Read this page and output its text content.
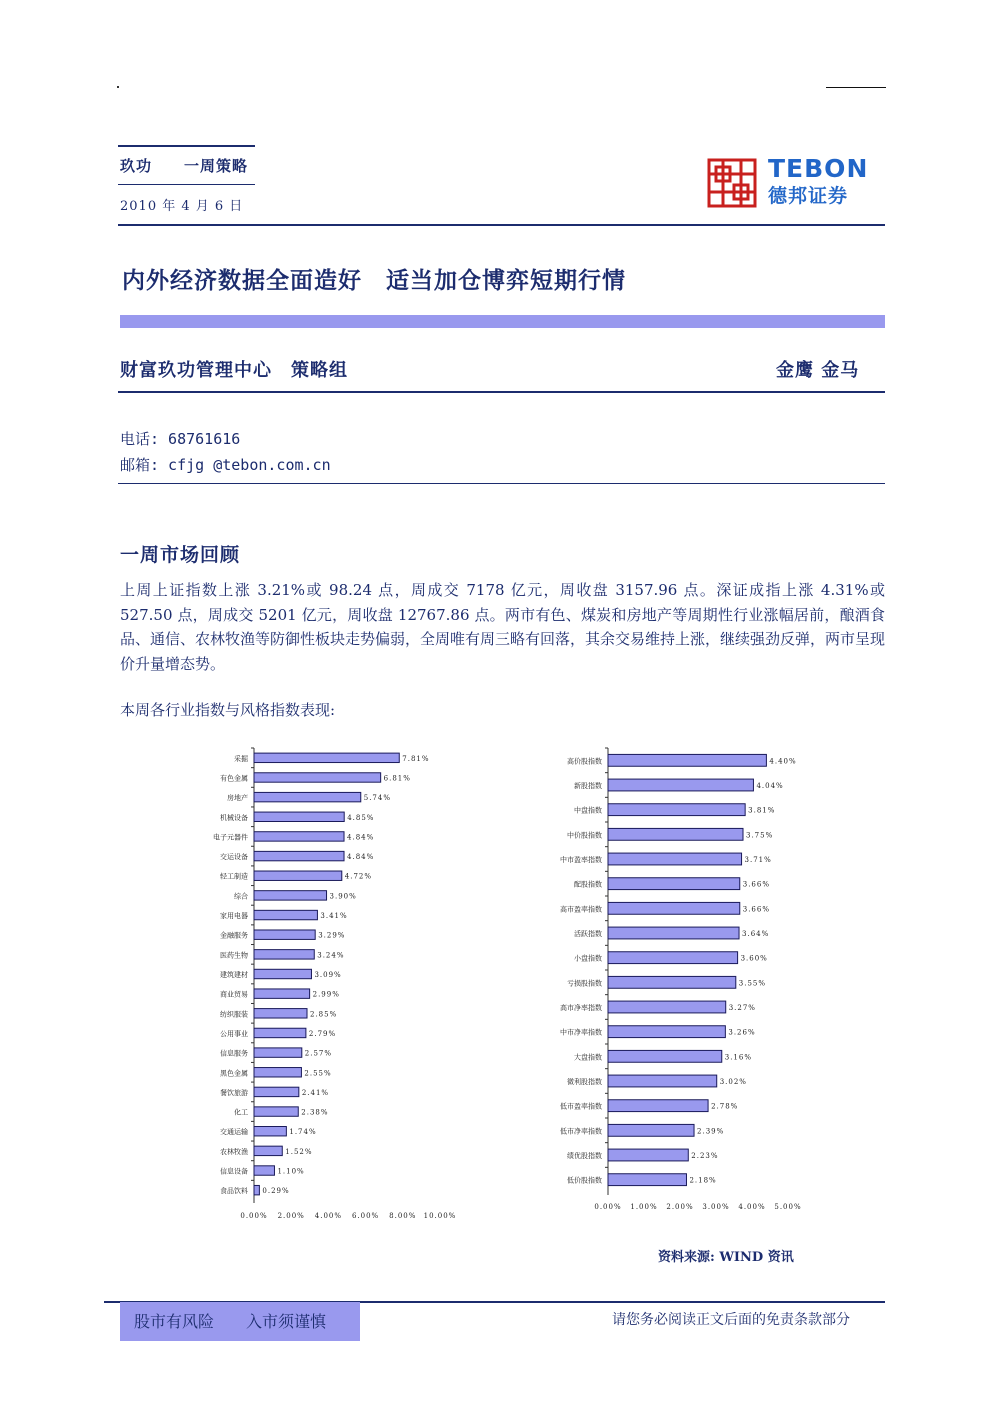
玖功　　一周策略
2010 年 4 月 6 日
TEBON
德邦证券
内外经济数据全面造好　适当加仓博弈短期行情
财富玖功管理中心　策略组	金鹰 金马
电话: 68761616
邮箱: cfjg @tebon.com.cn
一周市场回顾
上周上证指数上涨 3.21%或 98.24 点，周成交 7178 亿元，周收盘 3157.96 点。深证成指上涨 4.31%或 527.50 点，周成交 5201 亿元，周收盘 12767.86 点。两市有色、煤炭和房地产等周期性行业涨幅居前，酿酒食品、通信、农林牧渔等防御性板块走势偏弱，全周唯有周三略有回落，其余交易维持上涨，继续强劲反弹，两市呈现价升量增态势。
本周各行业指数与风格指数表现:
采掘	7.81%
有色金属	6.81%
房地产	5.74%
机械设备	4.85%
电子元器件	4.84%
交运设备	4.84%
轻工制造	4.72%
综合	3.90%
家用电器	3.41%
金融服务	3.29%
医药生物	3.24%
建筑建材	3.09%
商业贸易	2.99%
纺织服装	2.85%
公用事业	2.79%
信息服务	2.57%
黑色金属	2.55%
餐饮旅游	2.41%
化工	2.38%
交通运输	1.74%
农林牧渔	1.52%
信息设备	1.10%
食品饮料 0.29%
0.00% 2.00% 4.00% 6.00% 8.00% 10.00%
高价股指数	4.40%
新股指数	4.04%
中盘指数	3.81%
中价股指数	3.75%
中市盈率指数	3.71%
配股指数	3.66%
高市盈率指数	3.66%
活跃指数	3.64%
小盘指数	3.60%
亏损股指数	3.55%
高市净率指数	3.27%
中市净率指数	3.26%
大盘指数	3.16%
微利股指数	3.02%
低市盈率指数	2.78%
低市净率指数	2.39%
绩优股指数	2.23%
低价股指数	2.18%
0.00% 1.00% 2.00% 3.00% 4.00% 5.00%
资料来源: WIND 资讯
股市有风险　　入市须谨慎	请您务必阅读正文后面的免责条款部分
